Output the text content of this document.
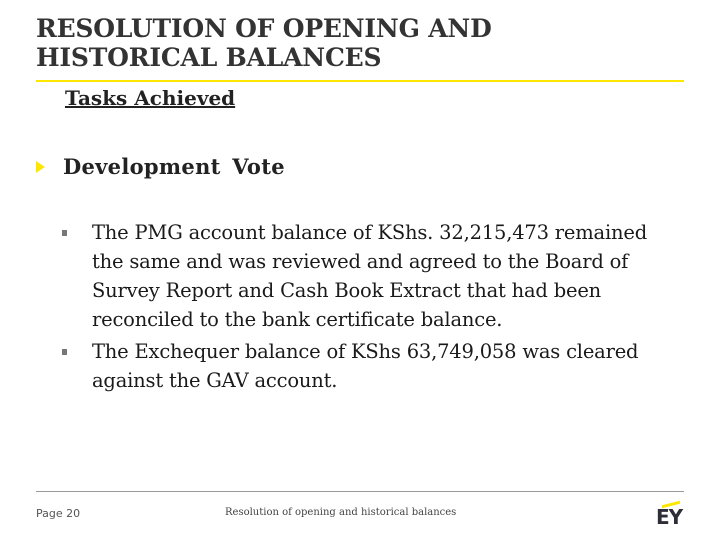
RESOLUTION OF OPENING AND HISTORICAL BALANCES
Tasks Achieved
Development Vote
The PMG account balance of KShs. 32,215,473 remained the same and was reviewed and agreed to the Board of Survey Report and Cash Book Extract that had been reconciled to the bank certificate balance.
The Exchequer balance of KShs 63,749,058 was cleared against the GAV account.
Page 20	Resolution of opening and historical balances	EY
